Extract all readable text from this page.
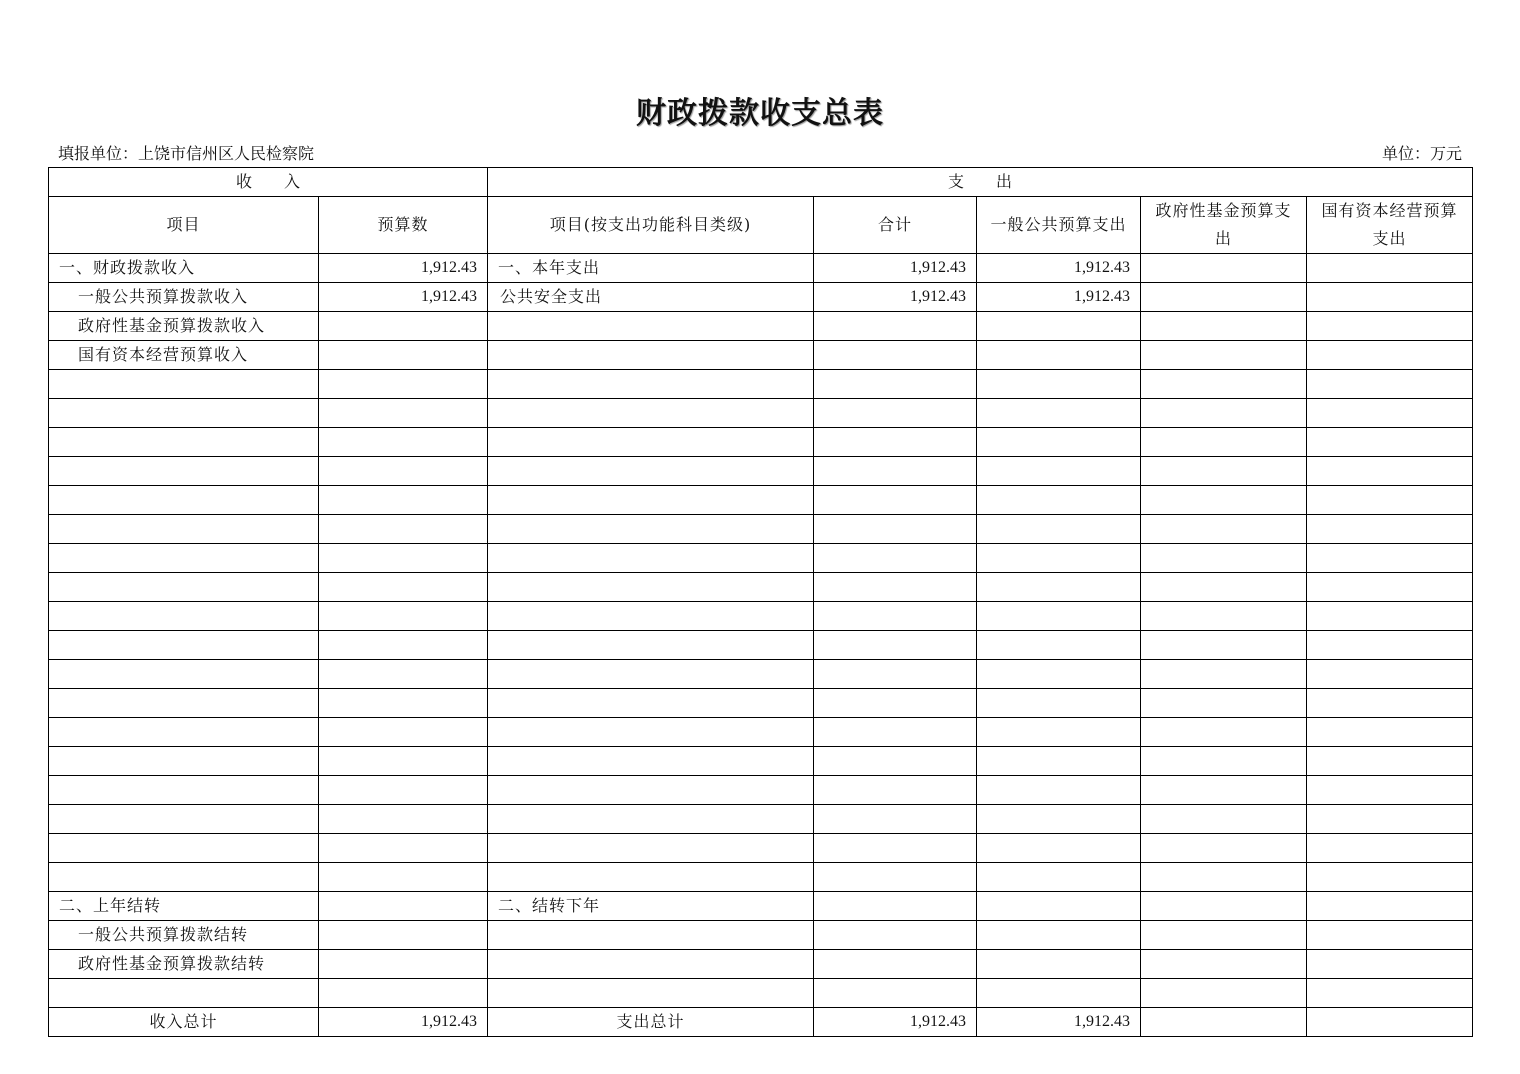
财政拨款收支总表
填报单位：上饶市信州区人民检察院	单位：万元
收　　入		支　　出				
项目	预算数	项目(按支出功能科目类级)	合计	一般公共预算支出	政府性基金预算支出	国有资本经营预算支出
一、财政拨款收入	1,912.43	一、本年支出	1,912.43	1,912.43		
一般公共预算拨款收入	1,912.43	公共安全支出	1,912.43	1,912.43		
政府性基金预算拨款收入						
国有资本经营预算收入						

二、上年结转		二、结转下年				
一般公共预算拨款结转						
政府性基金预算拨款结转						

收入总计	1,912.43	支出总计	1,912.43	1,912.43		
